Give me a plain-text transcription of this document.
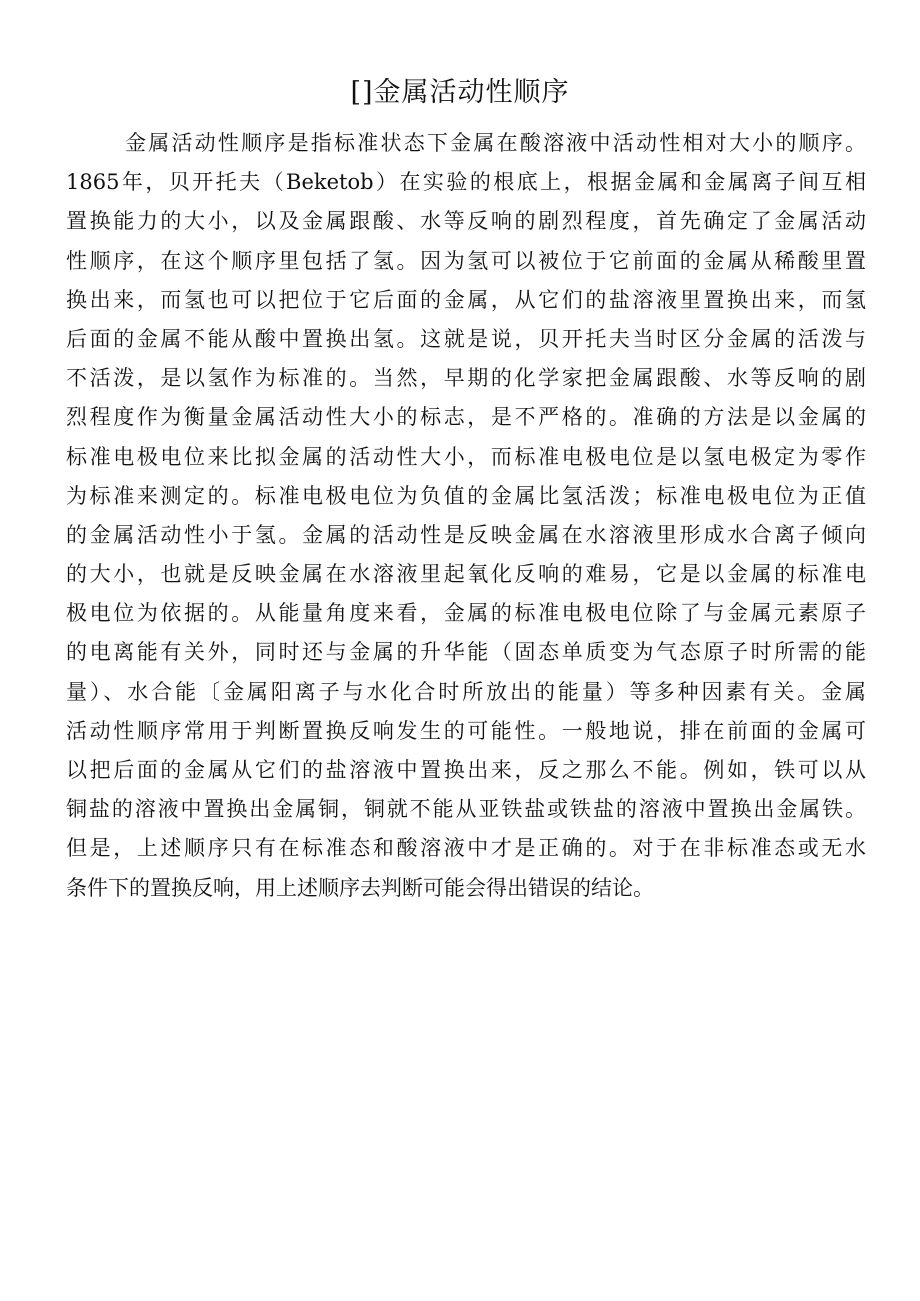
[]金属活动性顺序
金属活动性顺序是指标准状态下金属在酸溶液中活动性相对大小的顺序。
1865年，贝开托夫（Beketob）在实验的根底上，根据金属和金属离子间互相
置换能力的大小，以及金属跟酸、水等反响的剧烈程度，首先确定了金属活动
性顺序，在这个顺序里包括了氢。因为氢可以被位于它前面的金属从稀酸里置
换出来，而氢也可以把位于它后面的金属，从它们的盐溶液里置换出来，而氢
后面的金属不能从酸中置换出氢。这就是说，贝开托夫当时区分金属的活泼与
不活泼，是以氢作为标准的。当然，早期的化学家把金属跟酸、水等反响的剧
烈程度作为衡量金属活动性大小的标志，是不严格的。准确的方法是以金属的
标准电极电位来比拟金属的活动性大小，而标准电极电位是以氢电极定为零作
为标准来测定的。标准电极电位为负值的金属比氢活泼；标准电极电位为正值
的金属活动性小于氢。金属的活动性是反映金属在水溶液里形成水合离子倾向
的大小，也就是反映金属在水溶液里起氧化反响的难易，它是以金属的标准电
极电位为依据的。从能量角度来看，金属的标准电极电位除了与金属元素原子
的电离能有关外，同时还与金属的升华能（固态单质变为气态原子时所需的能
量）、水合能〔金属阳离子与水化合时所放出的能量）等多种因素有关。金属
活动性顺序常用于判断置换反响发生的可能性。一般地说，排在前面的金属可
以把后面的金属从它们的盐溶液中置换出来，反之那么不能。例如，铁可以从
铜盐的溶液中置换出金属铜，铜就不能从亚铁盐或铁盐的溶液中置换出金属铁。
但是，上述顺序只有在标准态和酸溶液中才是正确的。对于在非标准态或无水
条件下的置换反响，用上述顺序去判断可能会得出错误的结论。
